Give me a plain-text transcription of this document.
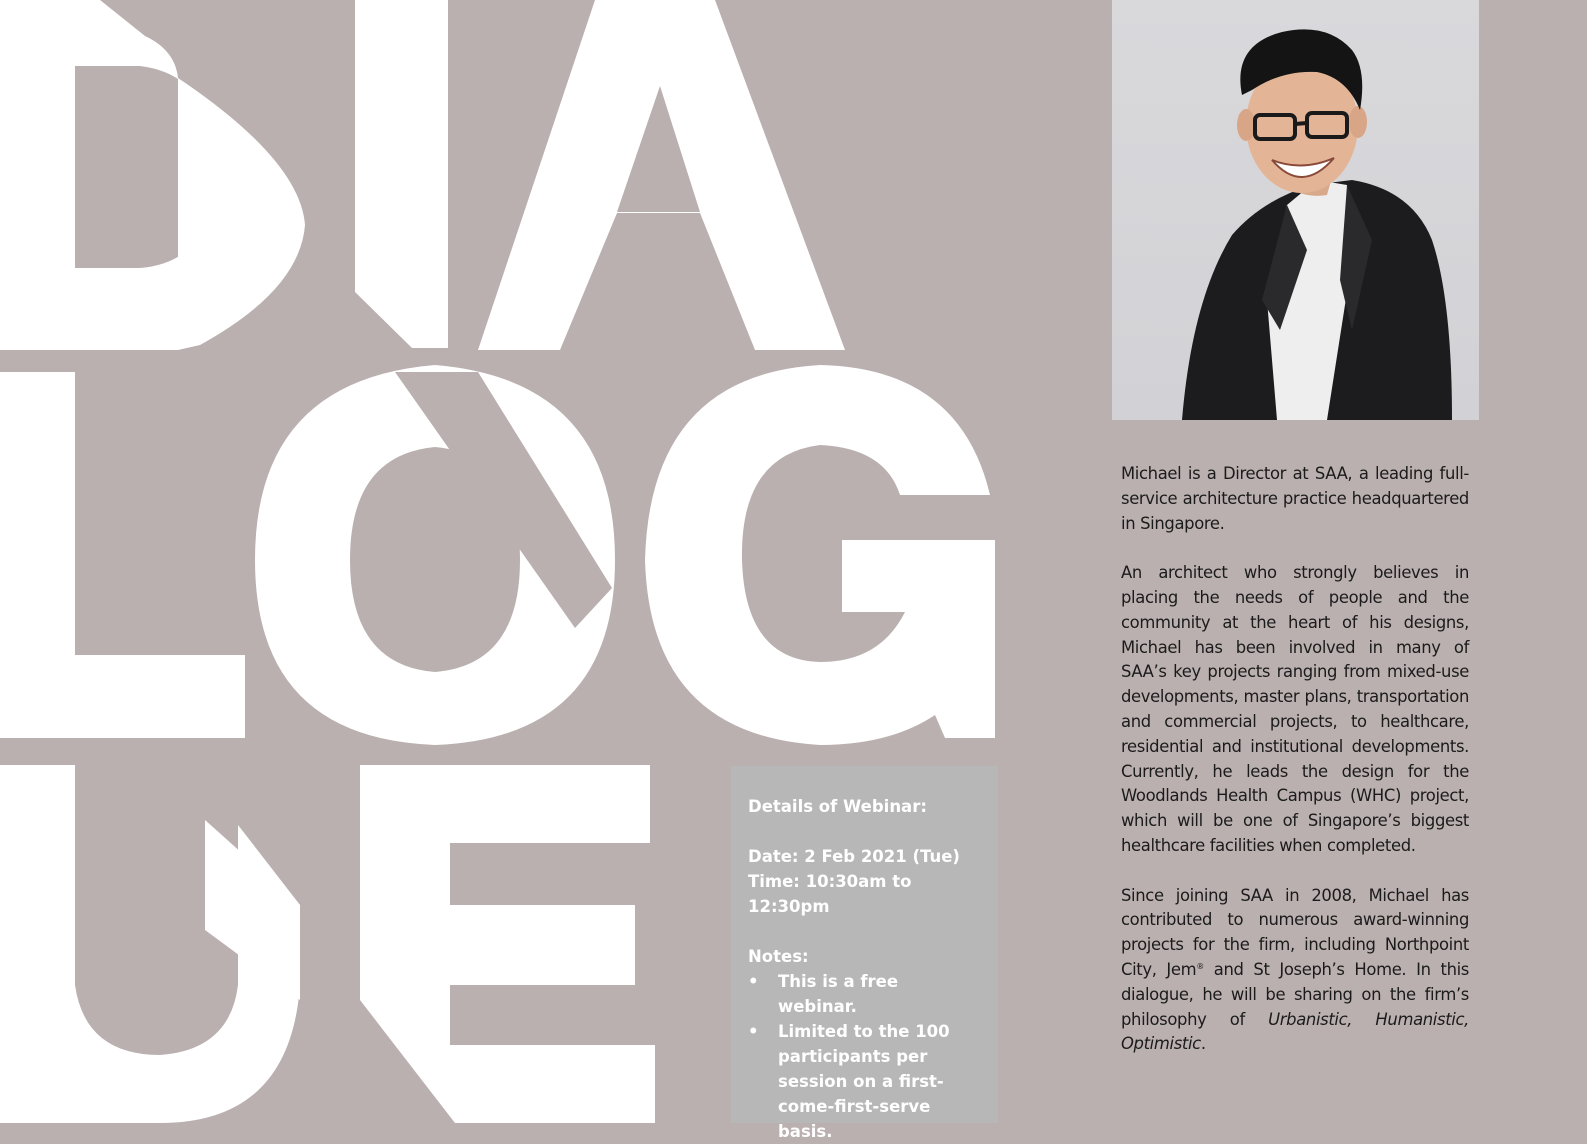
Details of Webinar:
Date: 2 Feb 2021 (Tue)
Time: 10:30am to 12:30pm
Notes:
• This is a free webinar.
• Limited to the 100 participants per session on a first-come-first-serve basis.

Michael is a Director at SAA, a leading full-service architecture practice headquartered in Singapore.

An architect who strongly believes in placing the needs of people and the community at the heart of his designs, Michael has been involved in many of SAA’s key projects ranging from mixed-use developments, master plans, transportation and commercial projects, to healthcare, residential and institutional developments. Currently, he leads the design for the Woodlands Health Campus (WHC) project, which will be one of Singapore’s biggest healthcare facilities when completed.

Since joining SAA in 2008, Michael has contributed to numerous award-winning projects for the firm, including Northpoint City, Jem® and St Joseph’s Home. In this dialogue, he will be sharing on the firm’s philosophy of Urbanistic, Humanistic, Optimistic.
